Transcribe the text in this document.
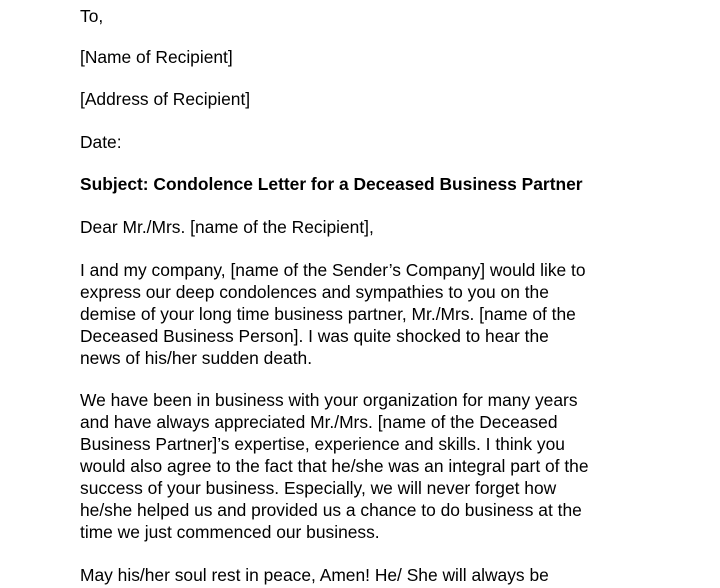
To,
[Name of Recipient]
[Address of Recipient]
Date:
Subject: Condolence Letter for a Deceased Business Partner
Dear Mr./Mrs. [name of the Recipient],
I and my company, [name of the Sender’s Company] would like to
express our deep condolences and sympathies to you on the
demise of your long time business partner, Mr./Mrs. [name of the
Deceased Business Person]. I was quite shocked to hear the
news of his/her sudden death.
We have been in business with your organization for many years
and have always appreciated Mr./Mrs. [name of the Deceased
Business Partner]’s expertise, experience and skills. I think you
would also agree to the fact that he/she was an integral part of the
success of your business. Especially, we will never forget how
he/she helped us and provided us a chance to do business at the
time we just commenced our business.
May his/her soul rest in peace, Amen! He/ She will always be
